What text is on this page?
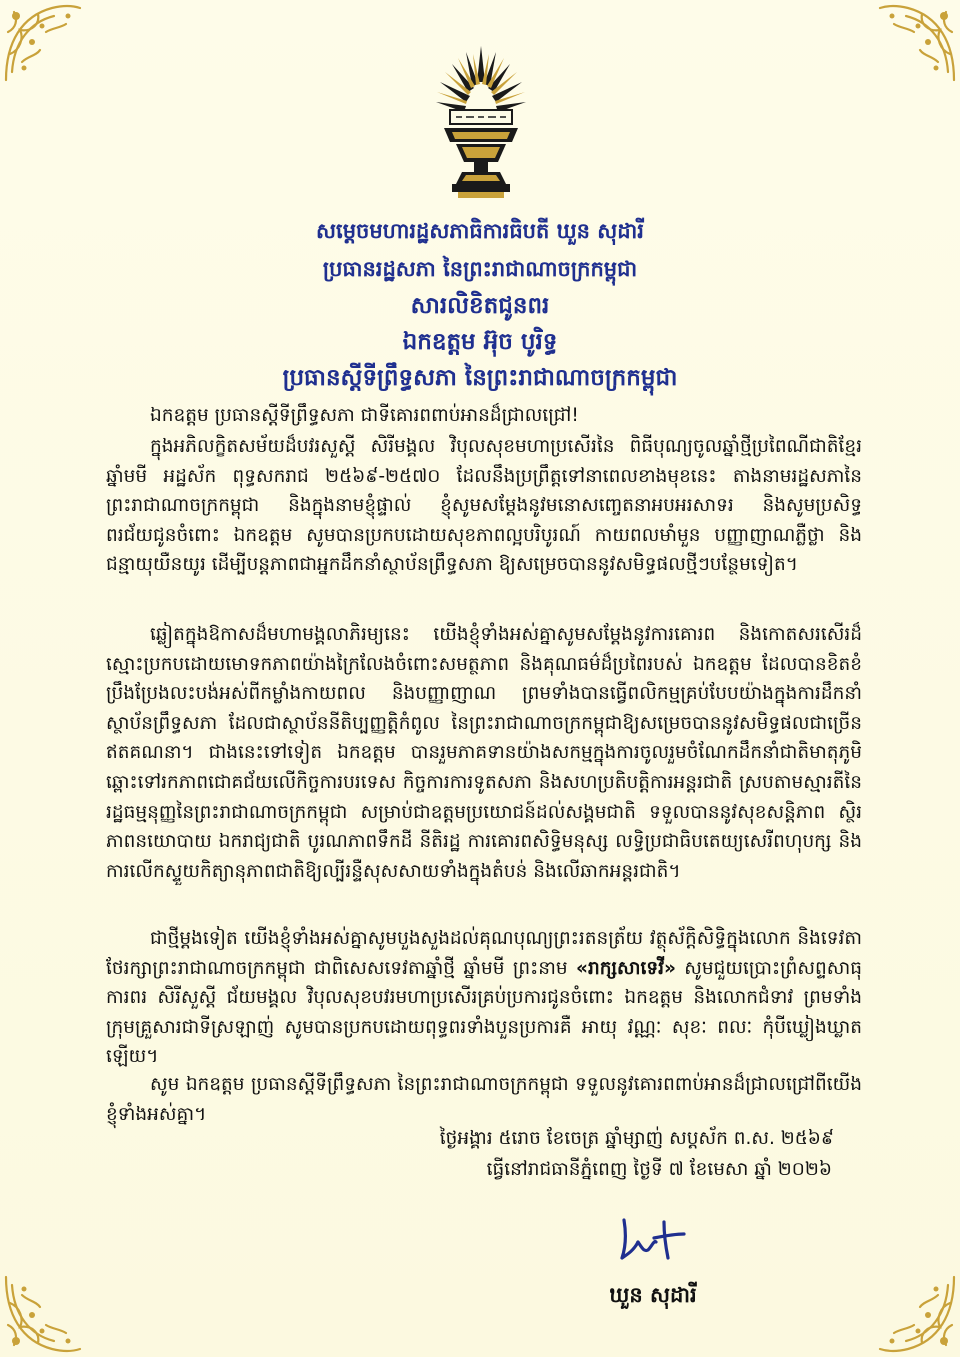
សម្តេចមហារដ្ឋសភាធិការធិបតី ឃួន សុដារី
ប្រធានរដ្ឋសភា នៃព្រះរាជាណាចក្រកម្ពុជា
សារលិខិតជូនពរ
ឯកឧត្តម អ៊ុច បូរិទ្ធ
ប្រធានស្តីទីព្រឹទ្ធសភា នៃព្រះរាជាណាចក្រកម្ពុជា
ឯកឧត្តម ប្រធានស្តីទីព្រឹទ្ធសភា ជាទីគោរពពាប់អានដ៏ជ្រាលជ្រៅ!
ក្នុងអភិលក្ខិតសម័យដ៏បវរសួស្តី សិរីមង្គល វិបុលសុខមហាប្រសើរនៃ ពិធីបុណ្យចូលឆ្នាំថ្មីប្រពៃណីជាតិខ្មែរ ឆ្នាំមមី អដ្ឋស័ក ពុទ្ធសករាជ ២៥៦៩-២៥៧០ ដែលនឹងប្រព្រឹត្តទៅនាពេលខាងមុខនេះ តាងនាមរដ្ឋសភានៃព្រះរាជាណាចក្រកម្ពុជា និងក្នុងនាមខ្ញុំផ្ទាល់ ខ្ញុំសូមសម្តែងនូវមនោសញ្ចេតនាអបអរសាទរ និងសូមប្រសិទ្ធពរជ័យជូនចំពោះ ឯកឧត្តម សូមបានប្រកបដោយសុខភាពល្អបរិបូរណ៍ កាយពលមាំមួន បញ្ញាញាណភ្លឺថ្លា និងជន្មាយុយឺនយូរ ដើម្បីបន្តភាពជាអ្នកដឹកនាំស្ថាប័នព្រឹទ្ធសភា ឱ្យសម្រេចបាននូវសមិទ្ធផលថ្មីៗបន្ថែមទៀត។
ឆ្លៀតក្នុងឱកាសដ៏មហាមង្គលាភិរម្យនេះ យើងខ្ញុំទាំងអស់គ្នាសូមសម្តែងនូវការគោរព និងកោតសរសើរដ៏ស្មោះប្រកបដោយមោទកភាពយ៉ាងក្រៃលែងចំពោះសមត្ថភាព និងគុណធម៌ដ៏ប្រពៃរបស់ ឯកឧត្តម ដែលបានខិតខំប្រឹងប្រែងលះបង់អស់ពីកម្លាំងកាយពល និងបញ្ញាញាណ ព្រមទាំងបានធ្វើពលិកម្មគ្រប់បែបយ៉ាងក្នុងការដឹកនាំស្ថាប័នព្រឹទ្ធសភា ដែលជាស្ថាប័ននីតិប្បញ្ញត្តិកំពូល នៃព្រះរាជាណាចក្រកម្ពុជាឱ្យសម្រេចបាននូវសមិទ្ធផលជាច្រើនឥតគណនា។ ជាងនេះទៅទៀត ឯកឧត្តម បានរួមភាគទានយ៉ាងសកម្មក្នុងការចូលរួមចំណែកដឹកនាំជាតិមាតុភូមិ ឆ្ពោះទៅរកភាពជោគជ័យលើកិច្ចការបរទេស កិច្ចការការទូតសភា និងសហប្រតិបត្តិការអន្តរជាតិ ស្របតាមស្មារតីនៃរដ្ឋធម្មនុញ្ញនៃព្រះរាជាណាចក្រកម្ពុជា សម្រាប់ជាឧត្តមប្រយោជន៍ដល់សង្គមជាតិ ទទួលបាននូវសុខសន្តិភាព ស្ថិរភាពនយោបាយ ឯករាជ្យជាតិ បូរណភាពទឹកដី នីតិរដ្ឋ ការគោរពសិទ្ធិមនុស្ស លទ្ធិប្រជាធិបតេយ្យសេរីពហុបក្ស និងការលើកស្ទួយកិត្យានុភាពជាតិឱ្យល្បីរន្ទឺសុសសាយទាំងក្នុងតំបន់ និងលើឆាកអន្តរជាតិ។
ជាថ្មីម្តងទៀត យើងខ្ញុំទាំងអស់គ្នាសូមបួងសួងដល់គុណបុណ្យព្រះរតនត្រ័យ វត្ថុស័ក្តិសិទ្ធិក្នុងលោក និងទេវតាថែរក្សាព្រះរាជាណាចក្រកម្ពុជា ជាពិសេសទេវតាឆ្នាំថ្មី ឆ្នាំមមី ព្រះនាម «រាក្សសាទេវី» សូមជួយប្រោះព្រំសព្ទសាធុការពរ សិរីសួស្តី ជ័យមង្គល វិបុលសុខបវរមហាប្រសើរគ្រប់ប្រការជូនចំពោះ ឯកឧត្តម និងលោកជំទាវ ព្រមទាំងក្រុមគ្រួសារជាទីស្រឡាញ់ សូមបានប្រកបដោយពុទ្ធពរទាំងបួនប្រការគឺ អាយុ វណ្ណៈ សុខៈ ពលៈ កុំបីឃ្លៀងឃ្លាតឡើយ។
សូម ឯកឧត្តម ប្រធានស្តីទីព្រឹទ្ធសភា នៃព្រះរាជាណាចក្រកម្ពុជា ទទួលនូវគោរពពាប់អានដ៏ជ្រាលជ្រៅពីយើងខ្ញុំទាំងអស់គ្នា។
ថ្ងៃអង្គារ ៥រោច ខែចេត្រ ឆ្នាំម្សាញ់ សប្តស័ក ព.ស. ២៥៦៩
ធ្វើនៅរាជធានីភ្នំពេញ ថ្ងៃទី ៧ ខែមេសា ឆ្នាំ ២០២៦
ឃួន សុដារី
